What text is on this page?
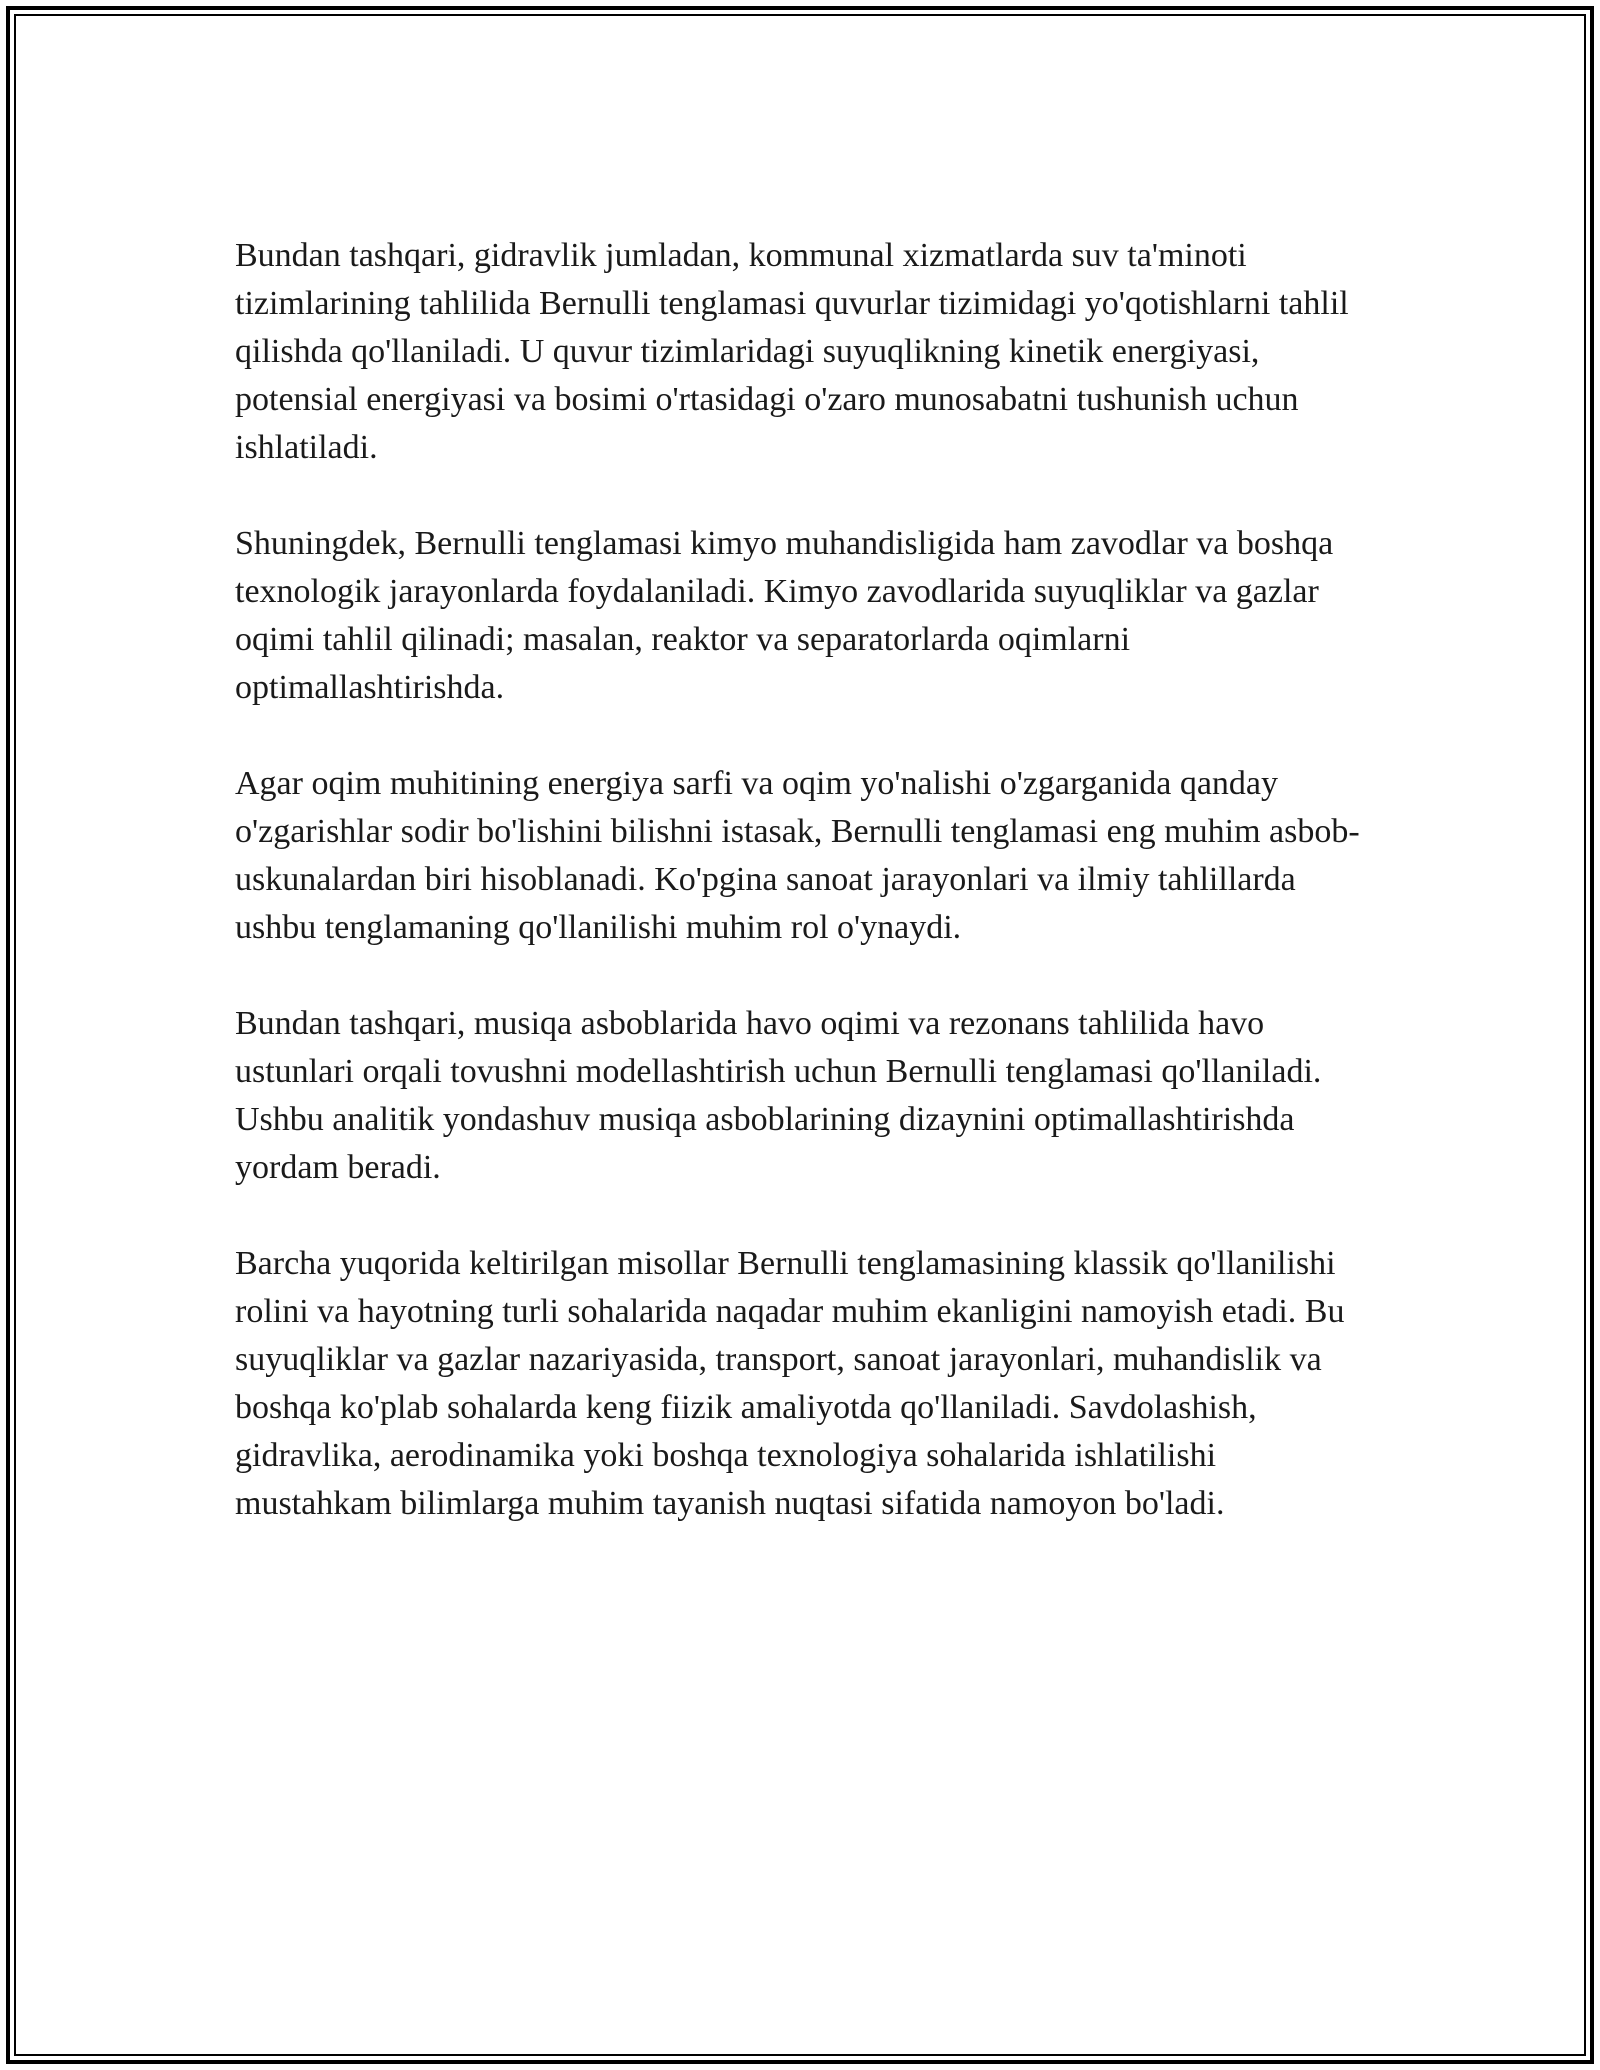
Bundan tashqari, gidravlik jumladan, kommunal xizmatlarda suv ta'minoti tizimlarining tahlilida Bernulli tenglamasi quvurlar tizimidagi yo'qotishlarni tahlil qilishda qo'llaniladi. U quvur tizimlaridagi suyuqlikning kinetik energiyasi, potensial energiyasi va bosimi o'rtasidagi o'zaro munosabatni tushunish uchun ishlatiladi.

Shuningdek, Bernulli tenglamasi kimyo muhandisligida ham zavodlar va boshqa texnologik jarayonlarda foydalaniladi. Kimyo zavodlarida suyuqliklar va gazlar oqimi tahlil qilinadi; masalan, reaktor va separatorlarda oqimlarni optimallashtirishda.

Agar oqim muhitining energiya sarfi va oqim yo'nalishi o'zgarganida qanday o'zgarishlar sodir bo'lishini bilishni istasak, Bernulli tenglamasi eng muhim asbob-uskunalardan biri hisoblanadi. Ko'pgina sanoat jarayonlari va ilmiy tahlillarda ushbu tenglamaning qo'llanilishi muhim rol o'ynaydi.

Bundan tashqari, musiqa asboblarida havo oqimi va rezonans tahlilida havo ustunlari orqali tovushni modellashtirish uchun Bernulli tenglamasi qo'llaniladi. Ushbu analitik yondashuv musiqa asboblarining dizaynini optimallashtirishda yordam beradi.

Barcha yuqorida keltirilgan misollar Bernulli tenglamasining klassik qo'llanilishi rolini va hayotning turli sohalarida naqadar muhim ekanligini namoyish etadi. Bu suyuqliklar va gazlar nazariyasida, transport, sanoat jarayonlari, muhandislik va boshqa ko'plab sohalarda keng fiizik amaliyotda qo'llaniladi. Savdolashish, gidravlika, aerodinamika yoki boshqa texnologiya sohalarida ishlatilishi mustahkam bilimlarga muhim tayanish nuqtasi sifatida namoyon bo'ladi.
